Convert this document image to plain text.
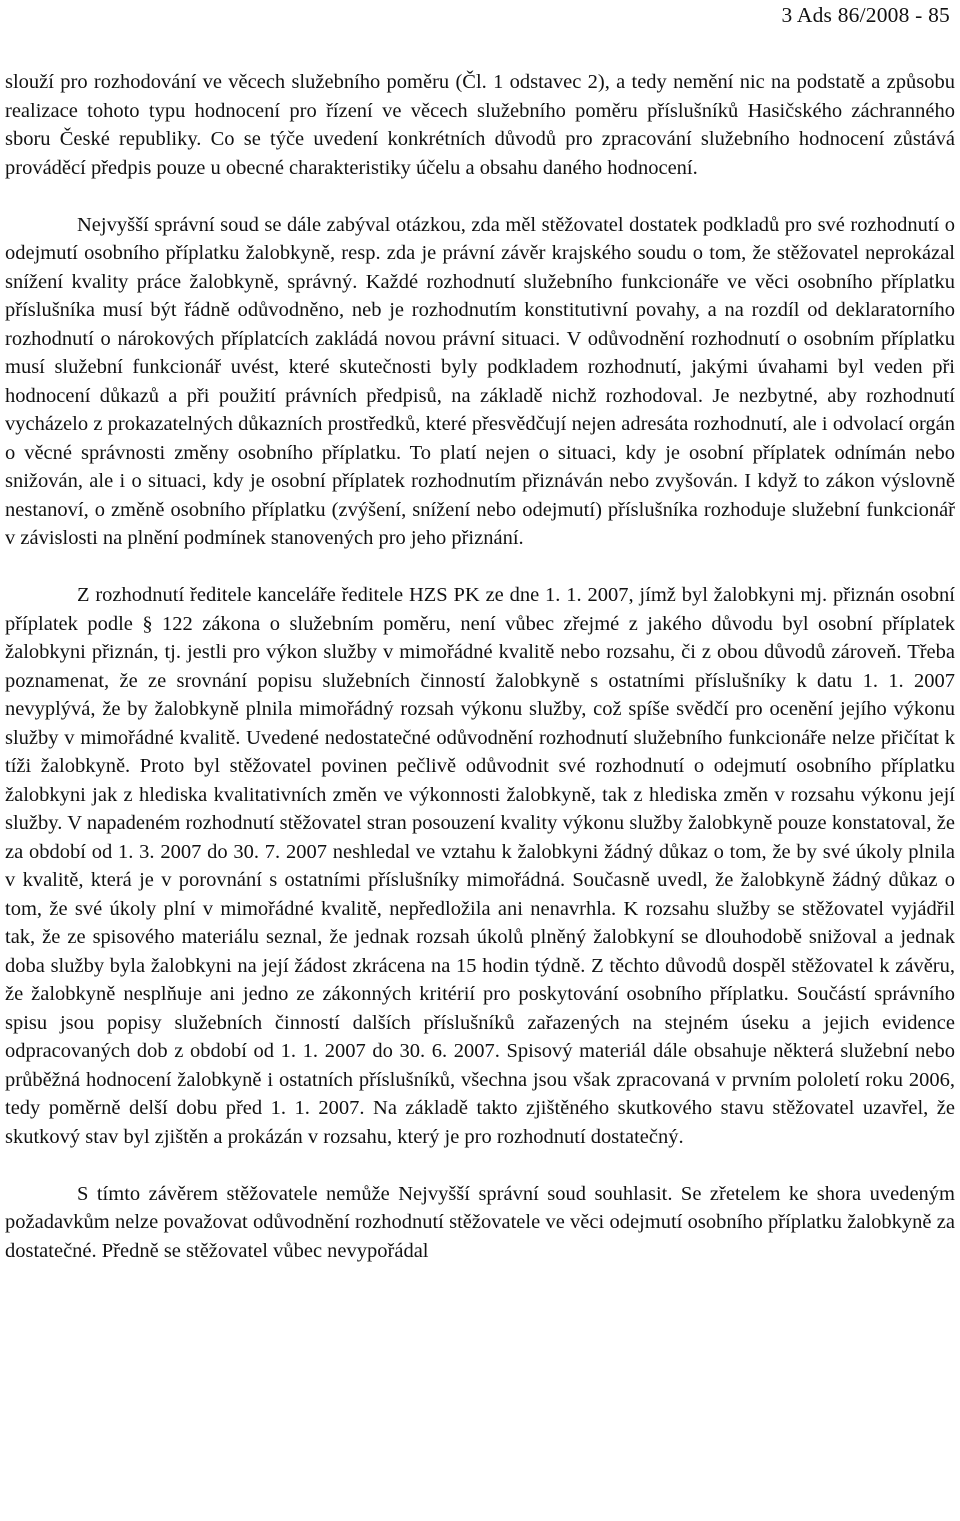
3 Ads 86/2008 - 85

slouží pro rozhodování ve věcech služebního poměru (Čl. 1 odstavec 2), a tedy nemění nic na podstatě a způsobu realizace tohoto typu hodnocení pro řízení ve věcech služebního poměru příslušníků Hasičského záchranného sboru České republiky. Co se týče uvedení konkrétních důvodů pro zpracování služebního hodnocení zůstává prováděcí předpis pouze u obecné charakteristiky účelu a obsahu daného hodnocení.

Nejvyšší správní soud se dále zabýval otázkou, zda měl stěžovatel dostatek podkladů pro své rozhodnutí o odejmutí osobního příplatku žalobkyně, resp. zda je právní závěr krajského soudu o tom, že stěžovatel neprokázal snížení kvality práce žalobkyně, správný. Každé rozhodnutí služebního funkcionáře ve věci osobního příplatku příslušníka musí být řádně odůvodněno, neb je rozhodnutím konstitutivní povahy, a na rozdíl od deklaratorního rozhodnutí o nárokových příplatcích zakládá novou právní situaci. V odůvodnění rozhodnutí o osobním příplatku musí služební funkcionář uvést, které skutečnosti byly podkladem rozhodnutí, jakými úvahami byl veden při hodnocení důkazů a při použití právních předpisů, na základě nichž rozhodoval. Je nezbytné, aby rozhodnutí vycházelo z prokazatelných důkazních prostředků, které přesvědčují nejen adresáta rozhodnutí, ale i odvolací orgán o věcné správnosti změny osobního příplatku. To platí nejen o situaci, kdy je osobní příplatek odnímán nebo snižován, ale i o situaci, kdy je osobní příplatek rozhodnutím přiznáván nebo zvyšován. I když to zákon výslovně nestanoví, o změně osobního příplatku (zvýšení, snížení nebo odejmutí) příslušníka rozhoduje služební funkcionář v závislosti na plnění podmínek stanovených pro jeho přiznání.

Z rozhodnutí ředitele kanceláře ředitele HZS PK ze dne 1. 1. 2007, jímž byl žalobkyni mj. přiznán osobní příplatek podle § 122 zákona o služebním poměru, není vůbec zřejmé z jakého důvodu byl osobní příplatek žalobkyni přiznán, tj. jestli pro výkon služby v mimořádné kvalitě nebo rozsahu, či z obou důvodů zároveň. Třeba poznamenat, že ze srovnání popisu služebních činností žalobkyně s ostatními příslušníky k datu 1. 1. 2007 nevyplývá, že by žalobkyně plnila mimořádný rozsah výkonu služby, což spíše svědčí pro ocenění jejího výkonu služby v mimořádné kvalitě. Uvedené nedostatečné odůvodnění rozhodnutí služebního funkcionáře nelze přičítat k tíži žalobkyně. Proto byl stěžovatel povinen pečlivě odůvodnit své rozhodnutí o odejmutí osobního příplatku žalobkyni jak z hlediska kvalitativních změn ve výkonnosti žalobkyně, tak z hlediska změn v rozsahu výkonu její služby. V napadeném rozhodnutí stěžovatel stran posouzení kvality výkonu služby žalobkyně pouze konstatoval, že za období od 1. 3. 2007 do 30. 7. 2007 neshledal ve vztahu k žalobkyni žádný důkaz o tom, že by své úkoly plnila v kvalitě, která je v porovnání s ostatními příslušníky mimořádná. Současně uvedl, že žalobkyně žádný důkaz o tom, že své úkoly plní v mimořádné kvalitě, nepředložila ani nenavrhla. K rozsahu služby se stěžovatel vyjádřil tak, že ze spisového materiálu seznal, že jednak rozsah úkolů plněný žalobkyní se dlouhodobě snižoval a jednak doba služby byla žalobkyni na její žádost zkrácena na 15 hodin týdně. Z těchto důvodů dospěl stěžovatel k závěru, že žalobkyně nesplňuje ani jedno ze zákonných kritérií pro poskytování osobního příplatku. Součástí správního spisu jsou popisy služebních činností dalších příslušníků zařazených na stejném úseku a jejich evidence odpracovaných dob z období od 1. 1. 2007 do 30. 6. 2007. Spisový materiál dále obsahuje některá služební nebo průběžná hodnocení žalobkyně i ostatních příslušníků, všechna jsou však zpracovaná v prvním pololetí roku 2006, tedy poměrně delší dobu před 1. 1. 2007. Na základě takto zjištěného skutkového stavu stěžovatel uzavřel, že skutkový stav byl zjištěn a prokázán v rozsahu, který je pro rozhodnutí dostatečný.

S tímto závěrem stěžovatele nemůže Nejvyšší správní soud souhlasit. Se zřetelem ke shora uvedeným požadavkům nelze považovat odůvodnění rozhodnutí stěžovatele ve věci odejmutí osobního příplatku žalobkyně za dostatečné. Předně se stěžovatel vůbec nevypořádal
